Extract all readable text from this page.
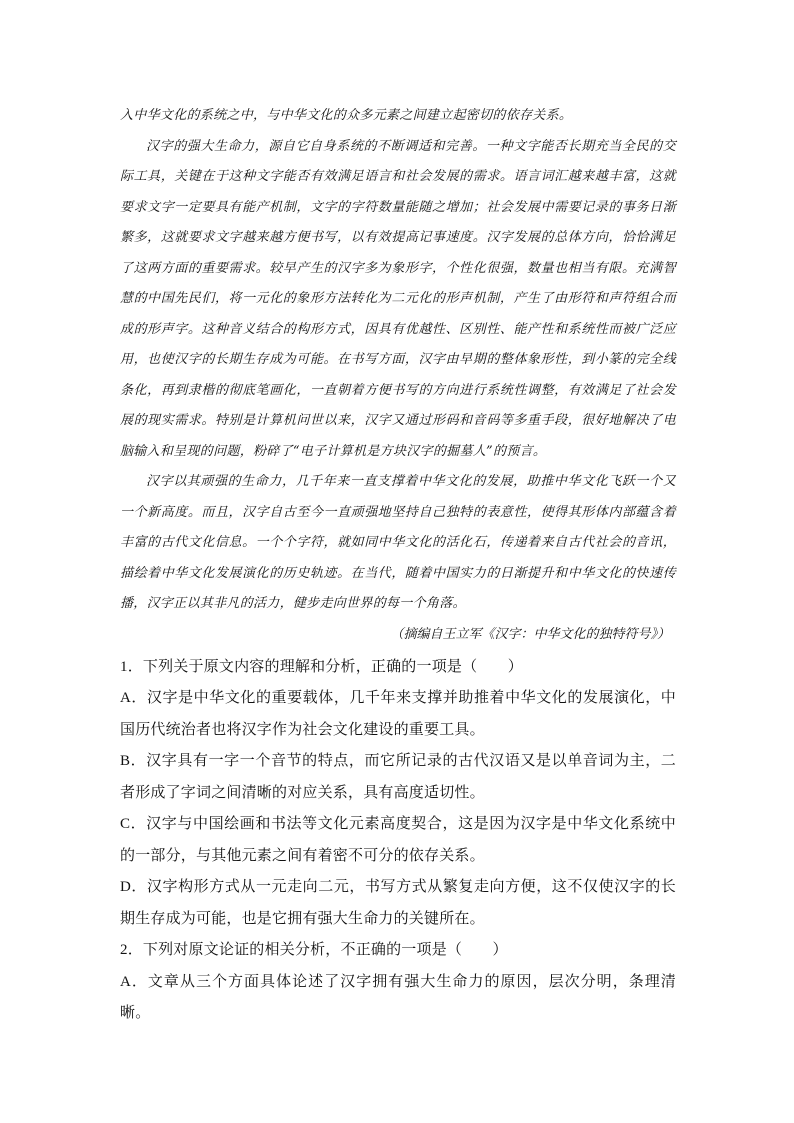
入中华文化的系统之中，与中华文化的众多元素之间建立起密切的依存关系。

汉字的强大生命力，源自它自身系统的不断调适和完善。一种文字能否长期充当全民的交际工具，关键在于这种文字能否有效满足语言和社会发展的需求。语言词汇越来越丰富，这就要求文字一定要具有能产机制，文字的字符数量能随之增加；社会发展中需要记录的事务日渐繁多，这就要求文字越来越方便书写，以有效提高记事速度。汉字发展的总体方向，恰恰满足了这两方面的重要需求。较早产生的汉字多为象形字，个性化很强，数量也相当有限。充满智慧的中国先民们，将一元化的象形方法转化为二元化的形声机制，产生了由形符和声符组合而成的形声字。这种音义结合的构形方式，因具有优越性、区别性、能产性和系统性而被广泛应用，也使汉字的长期生存成为可能。在书写方面，汉字由早期的整体象形性，到小篆的完全线条化，再到隶楷的彻底笔画化，一直朝着方便书写的方向进行系统性调整，有效满足了社会发展的现实需求。特别是计算机问世以来，汉字又通过形码和音码等多重手段，很好地解决了电脑输入和呈现的问题，粉碎了“电子计算机是方块汉字的掘墓人”的预言。

汉字以其顽强的生命力，几千年来一直支撑着中华文化的发展，助推中华文化飞跃一个又一个新高度。而且，汉字自古至今一直顽强地坚持自己独特的表意性，使得其形体内部蕴含着丰富的古代文化信息。一个个字符，就如同中华文化的活化石，传递着来自古代社会的音讯，描绘着中华文化发展演化的历史轨迹。在当代，随着中国实力的日渐提升和中华文化的快速传播，汉字正以其非凡的活力，健步走向世界的每一个角落。

（摘编自王立军《汉字：中华文化的独特符号》）

1．下列关于原文内容的理解和分析，正确的一项是（　　）

A．汉字是中华文化的重要载体，几千年来支撑并助推着中华文化的发展演化，中国历代统治者也将汉字作为社会文化建设的重要工具。

B．汉字具有一字一个音节的特点，而它所记录的古代汉语又是以单音词为主，二者形成了字词之间清晰的对应关系，具有高度适切性。

C．汉字与中国绘画和书法等文化元素高度契合，这是因为汉字是中华文化系统中的一部分，与其他元素之间有着密不可分的依存关系。

D．汉字构形方式从一元走向二元，书写方式从繁复走向方便，这不仅使汉字的长期生存成为可能，也是它拥有强大生命力的关键所在。

2．下列对原文论证的相关分析，不正确的一项是（　　）

A．文章从三个方面具体论述了汉字拥有强大生命力的原因，层次分明，条理清晰。
